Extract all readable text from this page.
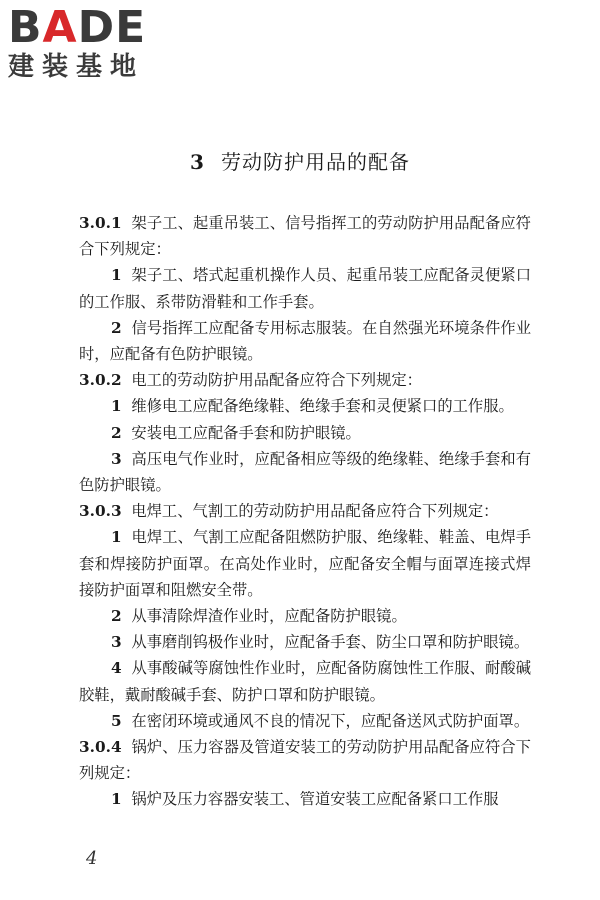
BADE
建装基地
3 劳动防护用品的配备

3.0.1 架子工、起重吊装工、信号指挥工的劳动防护用品配备应符合下列规定：

1 架子工、塔式起重机操作人员、起重吊装工应配备灵便紧口的工作服、系带防滑鞋和工作手套。

2 信号指挥工应配备专用标志服装。在自然强光环境条件作业时，应配备有色防护眼镜。

3.0.2 电工的劳动防护用品配备应符合下列规定：

1 维修电工应配备绝缘鞋、绝缘手套和灵便紧口的工作服。

2 安装电工应配备手套和防护眼镜。

3 高压电气作业时，应配备相应等级的绝缘鞋、绝缘手套和有色防护眼镜。

3.0.3 电焊工、气割工的劳动防护用品配备应符合下列规定：

1 电焊工、气割工应配备阻燃防护服、绝缘鞋、鞋盖、电焊手套和焊接防护面罩。在高处作业时，应配备安全帽与面罩连接式焊接防护面罩和阻燃安全带。

2 从事清除焊渣作业时，应配备防护眼镜。

3 从事磨削钨极作业时，应配备手套、防尘口罩和防护眼镜。

4 从事酸碱等腐蚀性作业时，应配备防腐蚀性工作服、耐酸碱胶鞋，戴耐酸碱手套、防护口罩和防护眼镜。

5 在密闭环境或通风不良的情况下，应配备送风式防护面罩。

3.0.4 锅炉、压力容器及管道安装工的劳动防护用品配备应符合下列规定：

1 锅炉及压力容器安装工、管道安装工应配备紧口工作服

4
